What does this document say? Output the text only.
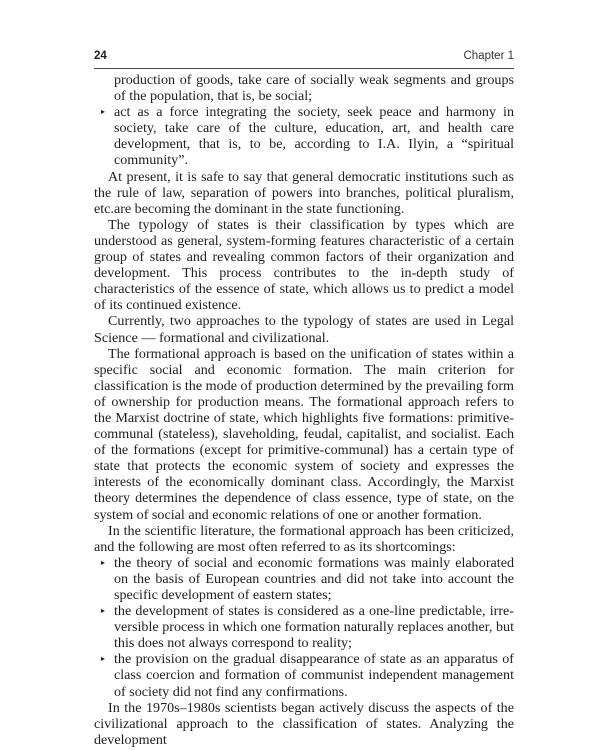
24	Chapter 1
production of goods, take care of socially weak segments and groups of the population, that is, be social;
▸ act as a force integrating the society, seek peace and harmony in society, take care of the culture, education, art, and health care development, that is, to be, according to I.A. Ilyin, a “spiritual community”.

At present, it is safe to say that general democratic institutions such as the rule of law, separation of powers into branches, political pluralism, etc.are becoming the dominant in the state functioning.

The typology of states is their classification by types which are understood as general, system-forming features characteristic of a certain group of states and revealing common factors of their organization and development. This process contributes to the in-depth study of characteristics of the essence of state, which allows us to predict a model of its continued existence.

Currently, two approaches to the typology of states are used in Legal Science — formational and civilizational.

The formational approach is based on the unification of states within a specific social and economic formation. The main criterion for classification is the mode of production determined by the prevailing form of ownership for production means. The formational approach refers to the Marxist doctrine of state, which highlights five formations: primitive-communal (stateless), slaveholding, feudal, capitalist, and socialist. Each of the formations (except for primitive-communal) has a certain type of state that protects the economic system of society and expresses the interests of the economically dominant class. Accordingly, the Marxist theory determines the dependence of class essence, type of state, on the system of social and economic relations of one or another formation.

In the scientific literature, the formational approach has been criticized, and the following are most often referred to as its shortcomings:

▸ the theory of social and economic formations was mainly elaborated on the basis of European countries and did not take into account the specific development of eastern states;
▸ the development of states is considered as a one-line predictable, irreversible process in which one formation naturally replaces another, but this does not always correspond to reality;
▸ the provision on the gradual disappearance of state as an apparatus of class coercion and formation of communist independent management of society did not find any confirmations.

In the 1970s–1980s scientists began actively discuss the aspects of the civilizational approach to the classification of states. Analyzing the development
